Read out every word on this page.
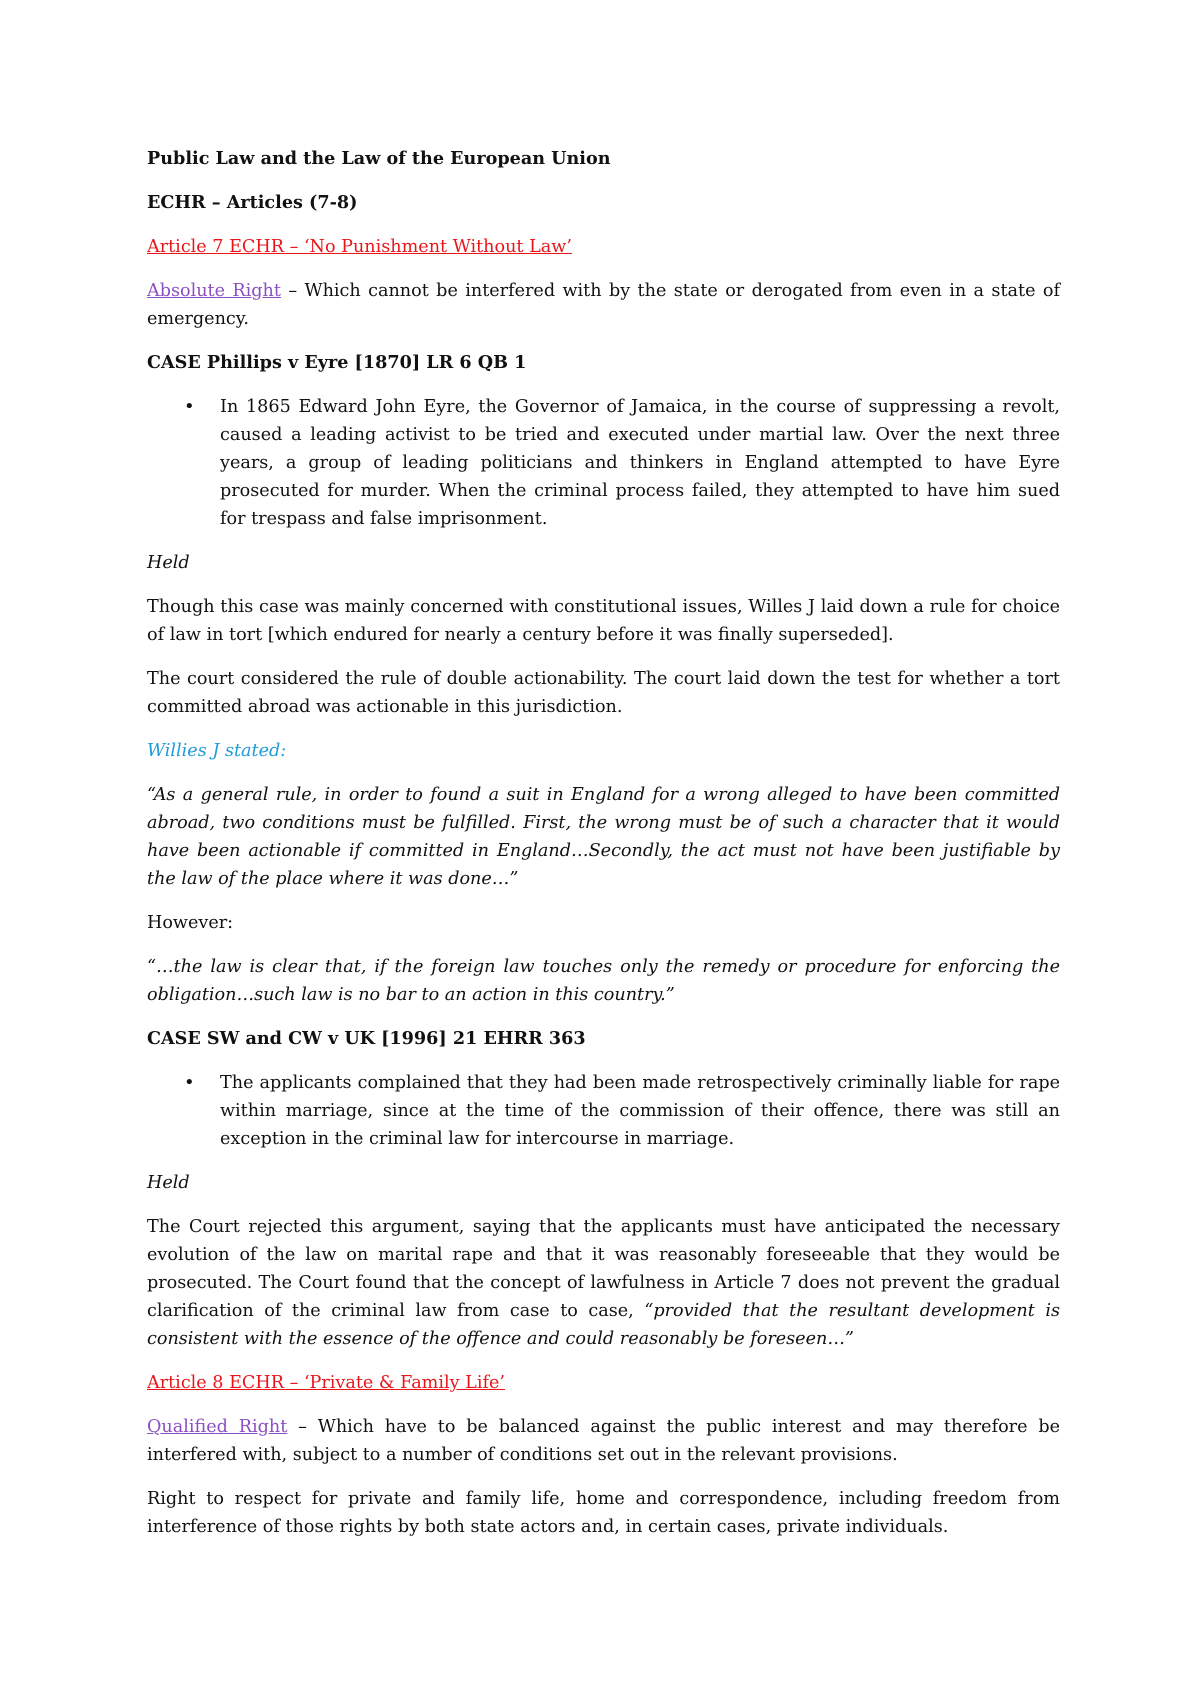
Public Law and the Law of the European Union

ECHR – Articles (7-8)

Article 7 ECHR – ‘No Punishment Without Law’

Absolute Right – Which cannot be interfered with by the state or derogated from even in a state of emergency.

CASE Phillips v Eyre [1870] LR 6 QB 1

• In 1865 Edward John Eyre, the Governor of Jamaica, in the course of suppressing a revolt, caused a leading activist to be tried and executed under martial law. Over the next three years, a group of leading politicians and thinkers in England attempted to have Eyre prosecuted for murder. When the criminal process failed, they attempted to have him sued for trespass and false imprisonment.

Held

Though this case was mainly concerned with constitutional issues, Willes J laid down a rule for choice of law in tort [which endured for nearly a century before it was finally superseded].

The court considered the rule of double actionability. The court laid down the test for whether a tort committed abroad was actionable in this jurisdiction.

Willies J stated:

“As a general rule, in order to found a suit in England for a wrong alleged to have been committed abroad, two conditions must be fulfilled. First, the wrong must be of such a character that it would have been actionable if committed in England…Secondly, the act must not have been justifiable by the law of the place where it was done…”

However:

“…the law is clear that, if the foreign law touches only the remedy or procedure for enforcing the obligation…such law is no bar to an action in this country.”

CASE SW and CW v UK [1996] 21 EHRR 363

• The applicants complained that they had been made retrospectively criminally liable for rape within marriage, since at the time of the commission of their offence, there was still an exception in the criminal law for intercourse in marriage.

Held

The Court rejected this argument, saying that the applicants must have anticipated the necessary evolution of the law on marital rape and that it was reasonably foreseeable that they would be prosecuted. The Court found that the concept of lawfulness in Article 7 does not prevent the gradual clarification of the criminal law from case to case, “provided that the resultant development is consistent with the essence of the offence and could reasonably be foreseen…”

Article 8 ECHR – ‘Private & Family Life’

Qualified Right – Which have to be balanced against the public interest and may therefore be interfered with, subject to a number of conditions set out in the relevant provisions.

Right to respect for private and family life, home and correspondence, including freedom from interference of those rights by both state actors and, in certain cases, private individuals.
